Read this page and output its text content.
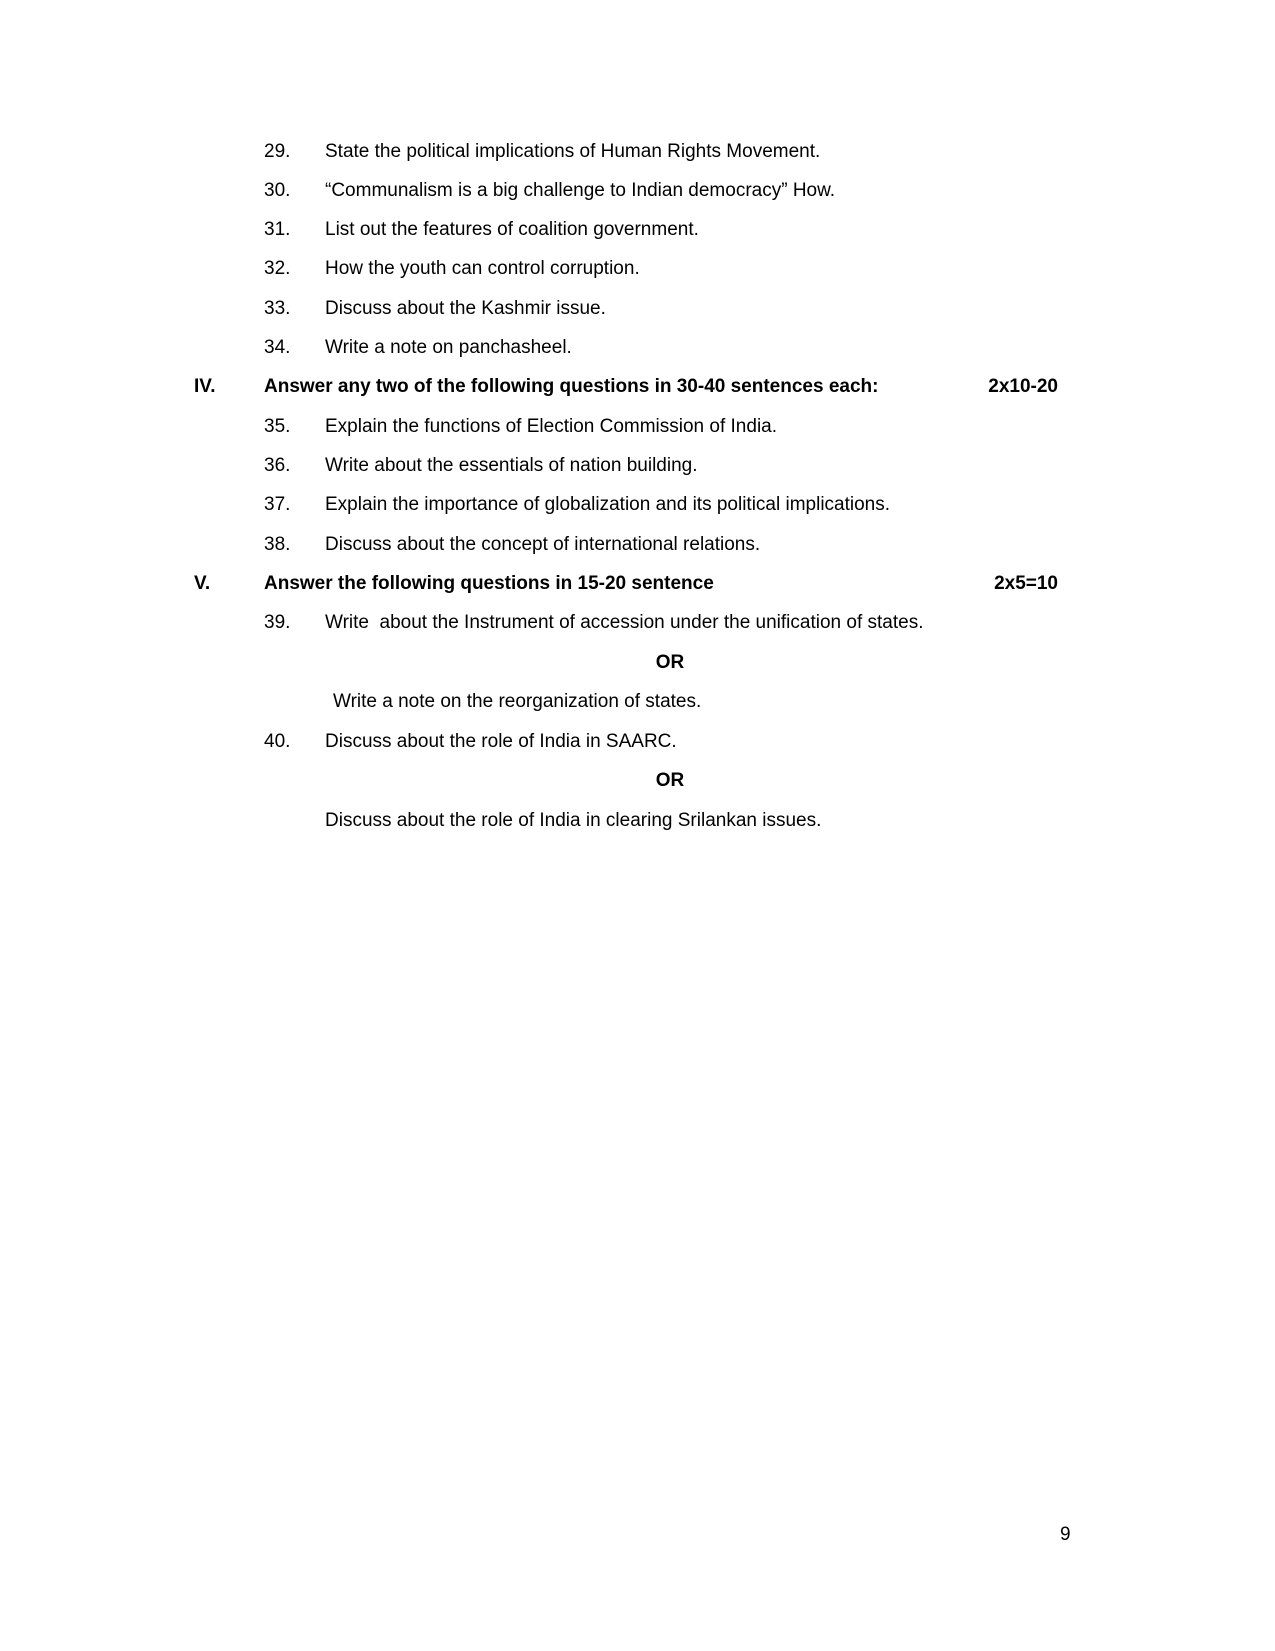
29. State the political implications of Human Rights Movement.
30. “Communalism is a big challenge to Indian democracy” How.
31. List out the features of coalition government.
32. How the youth can control corruption.
33. Discuss about the Kashmir issue.
34. Write a note on panchasheel.
IV.	Answer any two of the following questions in 30-40 sentences each:	2x10-20
35. Explain the functions of Election Commission of India.
36. Write about the essentials of nation building.
37. Explain the importance of globalization and its political implications.
38. Discuss about the concept of international relations.
V.	Answer the following questions in 15-20 sentence	2x5=10
39. Write  about the Instrument of accession under the unification of states.
OR
Write a note on the reorganization of states.
40. Discuss about the role of India in SAARC.
OR
Discuss about the role of India in clearing Srilankan issues.
9
